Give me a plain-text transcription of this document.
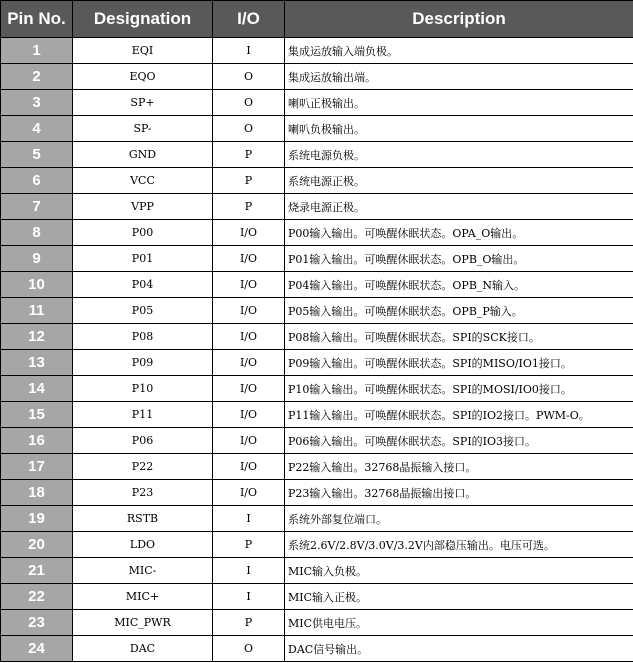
Pin No.	Designation	I/O	Description
1	EQI	I	集成运放输入端负极。
2	EQO	O	集成运放输出端。
3	SP+	O	喇叭正极输出。
4	SP-	O	喇叭负极输出。
5	GND	P	系统电源负极。
6	VCC	P	系统电源正极。
7	VPP	P	烧录电源正极。
8	P00	I/O	P00输入输出。可唤醒休眠状态。OPA_O输出。
9	P01	I/O	P01输入输出。可唤醒休眠状态。OPB_O输出。
10	P04	I/O	P04输入输出。可唤醒休眠状态。OPB_N输入。
11	P05	I/O	P05输入输出。可唤醒休眠状态。OPB_P输入。
12	P08	I/O	P08输入输出。可唤醒休眠状态。SPI的SCK接口。
13	P09	I/O	P09输入输出。可唤醒休眠状态。SPI的MISO/IO1接口。
14	P10	I/O	P10输入输出。可唤醒休眠状态。SPI的MOSI/IO0接口。
15	P11	I/O	P11输入输出。可唤醒休眠状态。SPI的IO2接口。PWM-O。
16	P06	I/O	P06输入输出。可唤醒休眠状态。SPI的IO3接口。
17	P22	I/O	P22输入输出。32768晶振输入接口。
18	P23	I/O	P23输入输出。32768晶振输出接口。
19	RSTB	I	系统外部复位端口。
20	LDO	P	系统2.6V/2.8V/3.0V/3.2V内部稳压输出。电压可选。
21	MIC-	I	MIC输入负极。
22	MIC+	I	MIC输入正极。
23	MIC_PWR	P	MIC供电电压。
24	DAC	O	DAC信号输出。
